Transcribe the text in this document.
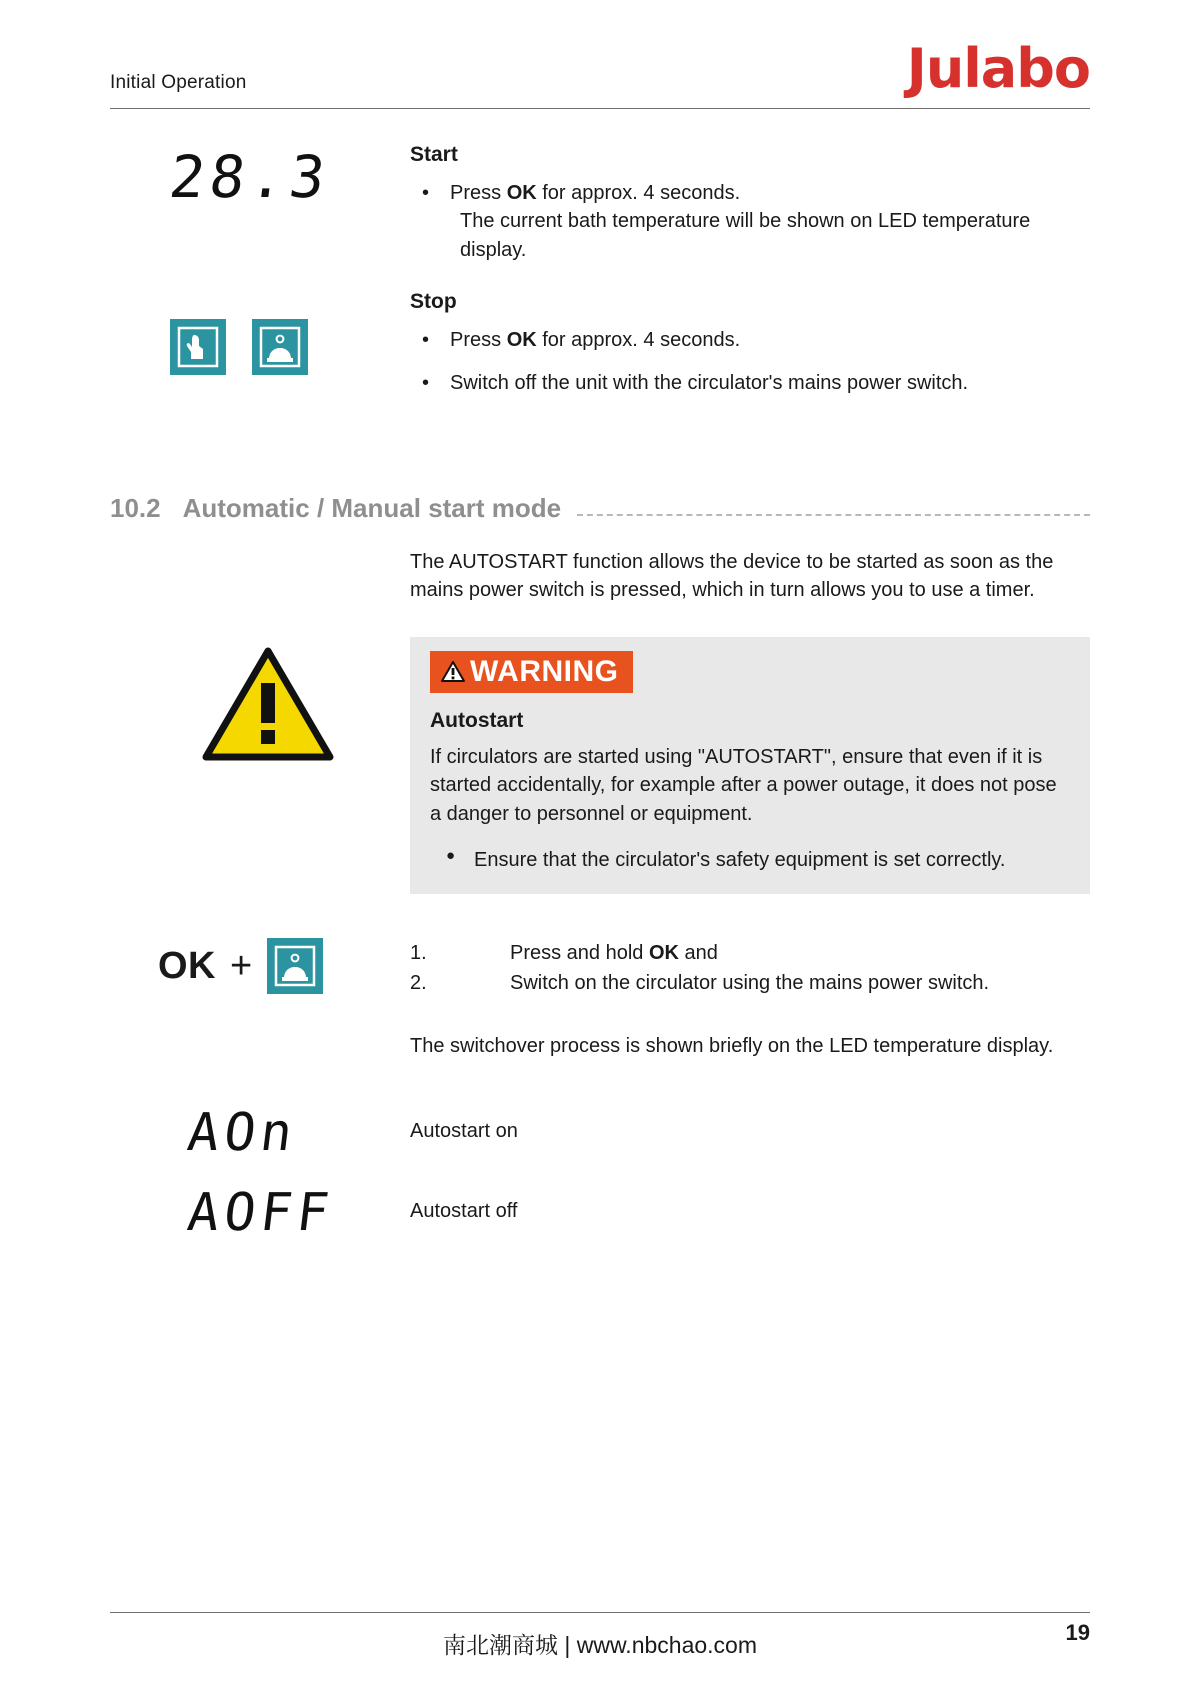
Initial Operation	Julabo
28.3
	Start
• Press OK for approx. 4 seconds.
The current bath temperature will be shown on LED temperature display.
Stop
• Press OK for approx. 4 seconds.
• Switch off the unit with the circulator's mains power switch.
10.2 Automatic / Manual start mode

The AUTOSTART function allows the device to be started as soon as the mains power switch is pressed, which in turn allows you to use a timer.

WARNING
Autostart

If circulators are started using "AUTOSTART", ensure that even if it is started accidentally, for example after a power outage, it does not pose a danger to personnel or equipment.

● Ensure that the circulator's safety equipment is set correctly.
OK +	1.	Press and hold OK and
2.	Switch on the circulator using the mains power switch.

The switchover process is shown briefly on the LED temperature display.

AOn	Autostart on

AOFF	Autostart off

南北潮商城 | www.nbchao.com	19
